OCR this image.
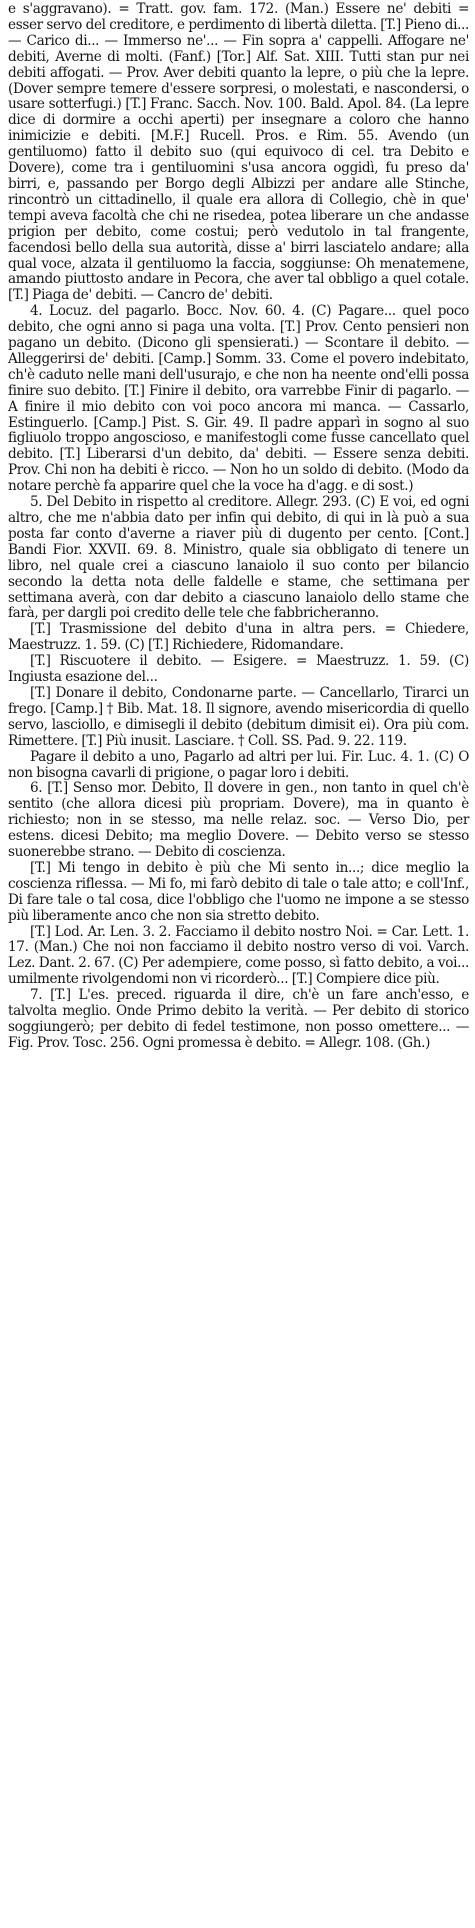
e s'aggravano). = Tratt. gov. fam. 172. (Man.) Essere ne' debiti = esser servo del creditore, e perdimento di libertà diletta. [T.] Pieno di... — Carico di... — Immerso ne'... — Fin sopra a' cappelli. Affogare ne' debiti, Averne di molti. (Fanf.) [Tor.] Alf. Sat. XIII. Tutti stan pur nei debiti affogati. — Prov. Aver debiti quanto la lepre, o più che la lepre. (Dover sempre temere d'essere sorpresi, o molestati, e nascondersi, o usare sotterfugi.) [T.] Franc. Sacch. Nov. 100. Bald. Apol. 84. (La lepre dice di dormire a occhi aperti) per insegnare a coloro che hanno inimicizie e debiti. [M.F.] Rucell. Pros. e Rim. 55. Avendo (un gentiluomo) fatto il debito suo (qui equivoco di cel. tra Debito e Dovere), come tra i gentiluomini s'usa ancora oggidì, fu preso da' birri, e, passando per Borgo degli Albizzi per andare alle Stinche, rincontrò un cittadinello, il quale era allora di Collegio, chè in que' tempi aveva facoltà che chi ne risedea, potea liberare un che andasse prigion per debito, come costui; però vedutolo in tal frangente, facendosi bello della sua autorità, disse a' birri lasciatelo andare; alla qual voce, alzata il gentiluomo la faccia, soggiunse: Oh menatemene, amando piuttosto andare in Pecora, che aver tal obbligo a quel cotale. [T.] Piaga de' debiti. — Cancro de' debiti.

4. Locuz. del pagarlo. Bocc. Nov. 60. 4. (C) Pagare... quel poco debito, che ogni anno si paga una volta. [T.] Prov. Cento pensieri non pagano un debito. (Dicono gli spensierati.) — Scontare il debito. — Alleggerirsi de' debiti. [Camp.] Somm. 33. Come el povero indebitato, ch'è caduto nelle mani dell'usurajo, e che non ha neente ond'elli possa finire suo debito. [T.] Finire il debito, ora varrebbe Finir di pagarlo. — A finire il mio debito con voi poco ancora mi manca. — Cassarlo, Estinguerlo. [Camp.] Pist. S. Gir. 49. Il padre apparì in sogno al suo figliuolo troppo angoscioso, e manifestogli come fusse cancellato quel debito. [T.] Liberarsi d'un debito, da' debiti. — Essere senza debiti. Prov. Chi non ha debiti è ricco. — Non ho un soldo di debito. (Modo da notare perchè fa apparire quel che la voce ha d'agg. e di sost.)

5. Del Debito in rispetto al creditore. Allegr. 293. (C) E voi, ed ogni altro, che me n'abbia dato per infin qui debito, di qui in là può a sua posta far conto d'averne a riaver più di dugento per cento. [Cont.] Bandi Fior. XXVII. 69. 8. Ministro, quale sia obbligato di tenere un libro, nel quale crei a ciascuno lanaiolo il suo conto per bilancio secondo la detta nota delle faldelle e stame, che settimana per settimana averà, con dar debito a ciascuno lanaiolo dello stame che farà, per dargli poi credito delle tele che fabbricheranno.

[T.] Trasmissione del debito d'una in altra pers. = Chiedere, Maestruzz. 1. 59. (C) [T.] Richiedere, Ridomandare.

[T.] Riscuotere il debito. — Esigere. = Maestruzz. 1. 59. (C) Ingiusta esazione del...

[T.] Donare il debito, Condonarne parte. — Cancellarlo, Tirarci un frego. [Camp.] † Bib. Mat. 18. Il signore, avendo misericordia di quello servo, lasciollo, e dimisegli il debito (debitum dimisit ei). Ora più com. Rimettere. [T.] Più inusit. Lasciare. † Coll. SS. Pad. 9. 22. 119.

Pagare il debito a uno, Pagarlo ad altri per lui. Fir. Luc. 4. 1. (C) O non bisogna cavarli di prigione, o pagar loro i debiti.

6. [T.] Senso mor. Debito, Il dovere in gen., non tanto in quel ch'è sentito (che allora dicesi più propriam. Dovere), ma in quanto è richiesto; non in se stesso, ma nelle relaz. soc. — Verso Dio, per estens. dicesi Debito; ma meglio Dovere. — Debito verso se stesso suonerebbe strano. — Debito di coscienza.

[T.] Mi tengo in debito è più che Mi sento in...; dice meglio la coscienza riflessa. — Mi fo, mi farò debito di tale o tale atto; e coll'Inf., Di fare tale o tal cosa, dice l'obbligo che l'uomo ne impone a se stesso più liberamente anco che non sia stretto debito.

[T.] Lod. Ar. Len. 3. 2. Facciamo il debito nostro Noi. = Car. Lett. 1. 17. (Man.) Che noi non facciamo il debito nostro verso di voi. Varch. Lez. Dant. 2. 67. (C) Per adempiere, come posso, sì fatto debito, a voi... umilmente rivolgendomi non vi ricorderò... [T.] Compiere dice più.

7. [T.] L'es. preced. riguarda il dire, ch'è un fare anch'esso, e talvolta meglio. Onde Primo debito la verità. — Per debito di storico soggiungerò; per debito di fedel testimone, non posso omettere... — Fig. Prov. Tosc. 256. Ogni promessa è debito. = Allegr. 108. (Gh.)
